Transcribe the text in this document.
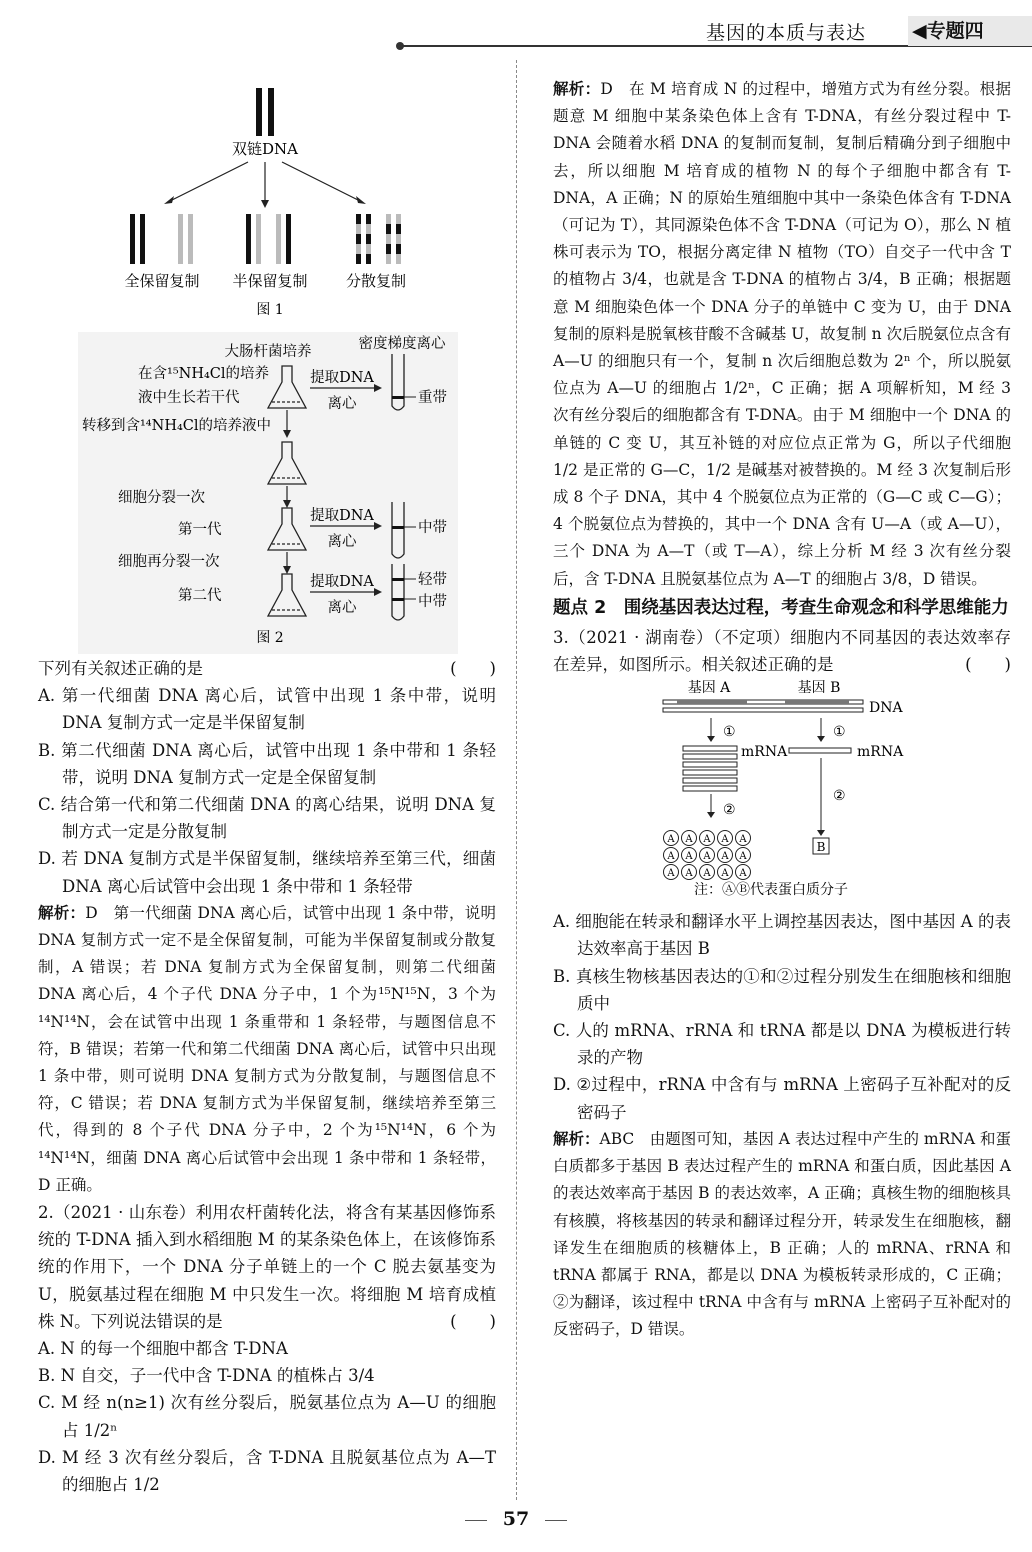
基因的本质与表达 ◀专题四
双链DNA
全保留复制 半保留复制	分散复制
图 1
大肠杆菌培养	密度梯度离心
在含¹⁵NH₄Cl的培养
液中生长若干代
提取DNA
离心	重带
转移到含¹⁴NH₄Cl的培养液中
细胞分裂一次
第一代
提取DNA
离心
中带
细胞再分裂一次
第二代
提取DNA
离心
轻带
中带
图 2

下列有关叙述正确的是	(　　)

A. 第一代细菌 DNA 离心后，试管中出现 1 条中带，说明 DNA 复制方式一定是半保留复制

B. 第二代细菌 DNA 离心后，试管中出现 1 条中带和 1 条轻带，说明 DNA 复制方式一定是全保留复制

C. 结合第一代和第二代细菌 DNA 的离心结果，说明 DNA 复制方式一定是分散复制

D. 若 DNA 复制方式是半保留复制，继续培养至第三代，细菌 DNA 离心后试管中会出现 1 条中带和 1 条轻带

解析：D　第一代细菌 DNA 离心后，试管中出现 1 条中带，说明 DNA 复制方式一定不是全保留复制，可能为半保留复制或分散复制，A 错误；若 DNA 复制方式为全保留复制，则第二代细菌 DNA 离心后，4 个子代 DNA 分子中，1 个为¹⁵N¹⁵N，3 个为¹⁴N¹⁴N，会在试管中出现 1 条重带和 1 条轻带，与题图信息不符，B 错误；若第一代和第二代细菌 DNA 离心后，试管中只出现 1 条中带，则可说明 DNA 复制方式为分散复制，与题图信息不符，C 错误；若 DNA 复制方式为半保留复制，继续培养至第三代，得到的 8 个子代 DNA 分子中，2 个为¹⁵N¹⁴N，6 个为¹⁴N¹⁴N，细菌 DNA 离心后试管中会出现 1 条中带和 1 条轻带，D 正确。

2.（2021 · 山东卷）利用农杆菌转化法，将含有某基因修饰系统的 T-DNA 插入到水稻细胞 M 的某条染色体上，在该修饰系统的作用下，一个 DNA 分子单链上的一个 C 脱去氨基变为 U，脱氨基过程在细胞 M 中只发生一次。将细胞 M 培育成植株 N。下列说法错误的是	(　　)

A. N 的每一个细胞中都含 T-DNA

B. N 自交，子一代中含 T-DNA 的植株占 3/4

C. M 经 n(n≥1) 次有丝分裂后，脱氨基位点为 A—U 的细胞占 1/2ⁿ

D. M 经 3 次有丝分裂后，含 T-DNA 且脱氨基位点为 A—T 的细胞占 1/2

解析：D　在 M 培育成 N 的过程中，增殖方式为有丝分裂。根据题意 M 细胞中某条染色体上含有 T-DNA，有丝分裂过程中 T-DNA 会随着水稻 DNA 的复制而复制，复制后精确分到子细胞中去，所以细胞 M 培育成的植物 N 的每个子细胞中都含有 T-DNA，A 正确；N 的原始生殖细胞中其中一条染色体含有 T-DNA（可记为 T），其同源染色体不含 T-DNA（可记为 O），那么 N 植株可表示为 TO，根据分离定律 N 植物（TO）自交子一代中含 T 的植物占 3/4，也就是含 T-DNA 的植物占 3/4，B 正确；根据题意 M 细胞染色体一个 DNA 分子的单链中 C 变为 U，由于 DNA 复制的原料是脱氧核苷酸不含碱基 U，故复制 n 次后脱氨位点含有 A—U 的细胞只有一个，复制 n 次后细胞总数为 2ⁿ 个，所以脱氨位点为 A—U 的细胞占 1/2ⁿ，C 正确；据 A 项解析知，M 经 3 次有丝分裂后的细胞都含有 T-DNA。由于 M 细胞中一个 DNA 的单链的 C 变 U，其互补链的对应位点正常为 G，所以子代细胞 1/2 是正常的 G—C，1/2 是碱基对被替换的。M 经 3 次复制后形成 8 个子 DNA，其中 4 个脱氨位点为正常的（G—C 或 C—G）；4 个脱氨位点为替换的，其中一个 DNA 含有 U—A（或 A—U），三个 DNA 为 A—T（或 T—A），综上分析 M 经 3 次有丝分裂后，含 T-DNA 且脱氨基位点为 A—T 的细胞占 3/8，D 错误。

题点 2　围绕基因表达过程，考查生命观念和科学思维能力

3.（2021 · 湖南卷）（不定项）细胞内不同基因的表达效率存在差异，如图所示。相关叙述正确的是	(　　)

基因 A	基因 B
DNA
①	①
mRNA	mRNA
②
②
A A A A A
A A A A A
A A A A A
B
注：ⒶⒷ代表蛋白质分子

A. 细胞能在转录和翻译水平上调控基因表达，图中基因 A 的表达效率高于基因 B

B. 真核生物核基因表达的①和②过程分别发生在细胞核和细胞质中

C. 人的 mRNA、rRNA 和 tRNA 都是以 DNA 为模板进行转录的产物

D. ②过程中，rRNA 中含有与 mRNA 上密码子互补配对的反密码子

解析：ABC　由题图可知，基因 A 表达过程中产生的 mRNA 和蛋白质都多于基因 B 表达过程产生的 mRNA 和蛋白质，因此基因 A 的表达效率高于基因 B 的表达效率，A 正确；真核生物的细胞核具有核膜，将核基因的转录和翻译过程分开，转录发生在细胞核，翻译发生在细胞质的核糖体上，B 正确；人的 mRNA、rRNA 和 tRNA 都属于 RNA，都是以 DNA 为模板转录形成的，C 正确；②为翻译，该过程中 tRNA 中含有与 mRNA 上密码子互补配对的反密码子，D 错误。

57
